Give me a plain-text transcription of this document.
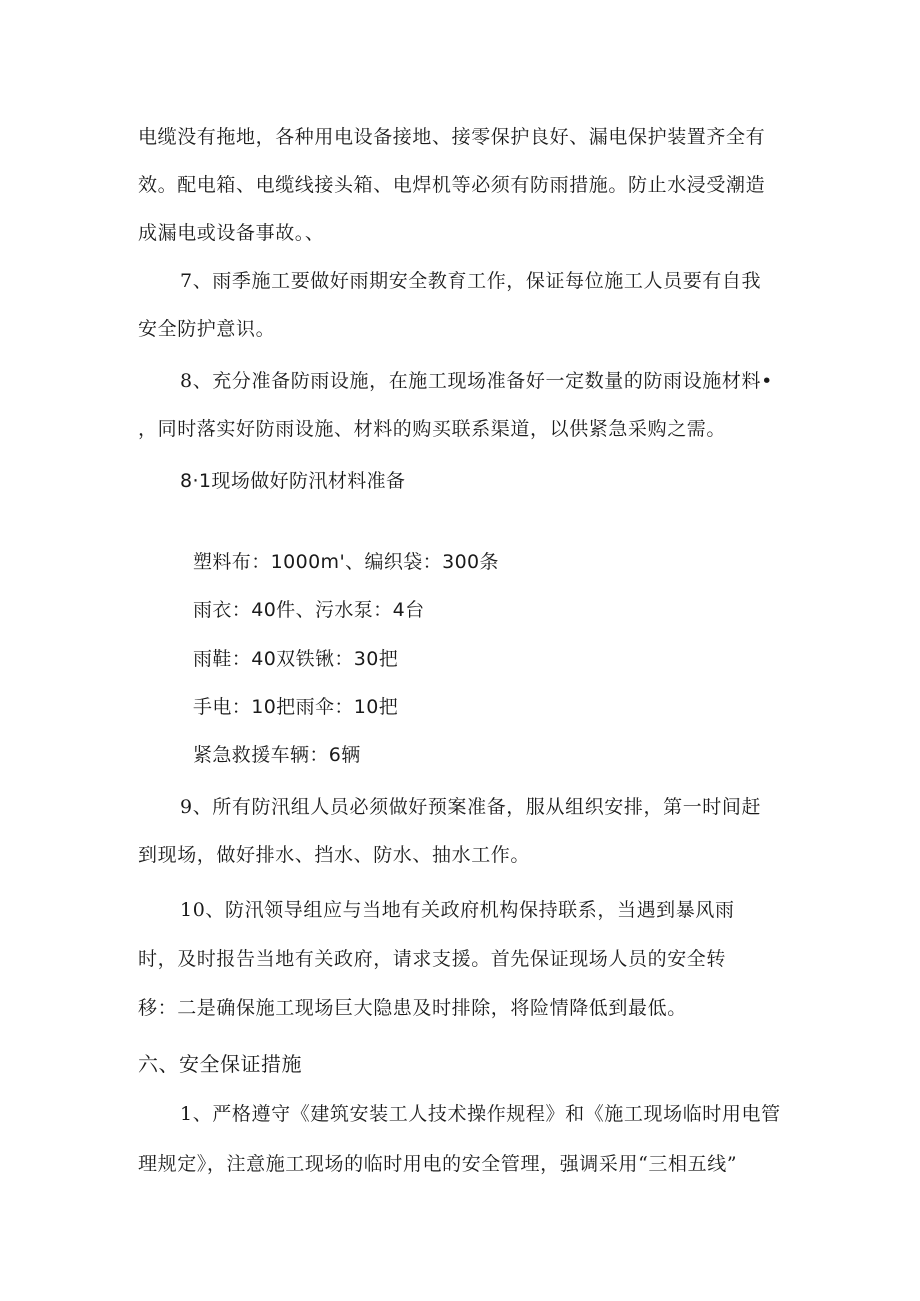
电缆没有拖地，各种用电设备接地、接零保护良好、漏电保护装置齐全有
效。配电箱、电缆线接头箱、电焊机等必须有防雨措施。防止水浸受潮造
成漏电或设备事故。、
7、雨季施工要做好雨期安全教育工作，保证每位施工人员要有自我
安全防护意识。
8、充分准备防雨设施，在施工现场准备好一定数量的防雨设施材料•
，同时落实好防雨设施、材料的购买联系渠道，以供紧急采购之需。
8·1现场做好防汛材料准备
塑料布：1000m'、编织袋：300条
雨衣：40件、污水泵：4台
雨鞋：40双铁锹：30把
手电：10把雨伞：10把
紧急救援车辆：6辆
9、所有防汛组人员必须做好预案准备，服从组织安排，第一时间赶
到现场，做好排水、挡水、防水、抽水工作。
10、防汛领导组应与当地有关政府机构保持联系，当遇到暴风雨
时，及时报告当地有关政府，请求支援。首先保证现场人员的安全转
移：二是确保施工现场巨大隐患及时排除，将险情降低到最低。
六、安全保证措施
1、严格遵守《建筑安装工人技术操作规程》和《施工现场临时用电管
理规定》，注意施工现场的临时用电的安全管理，强调采用“三相五线”
